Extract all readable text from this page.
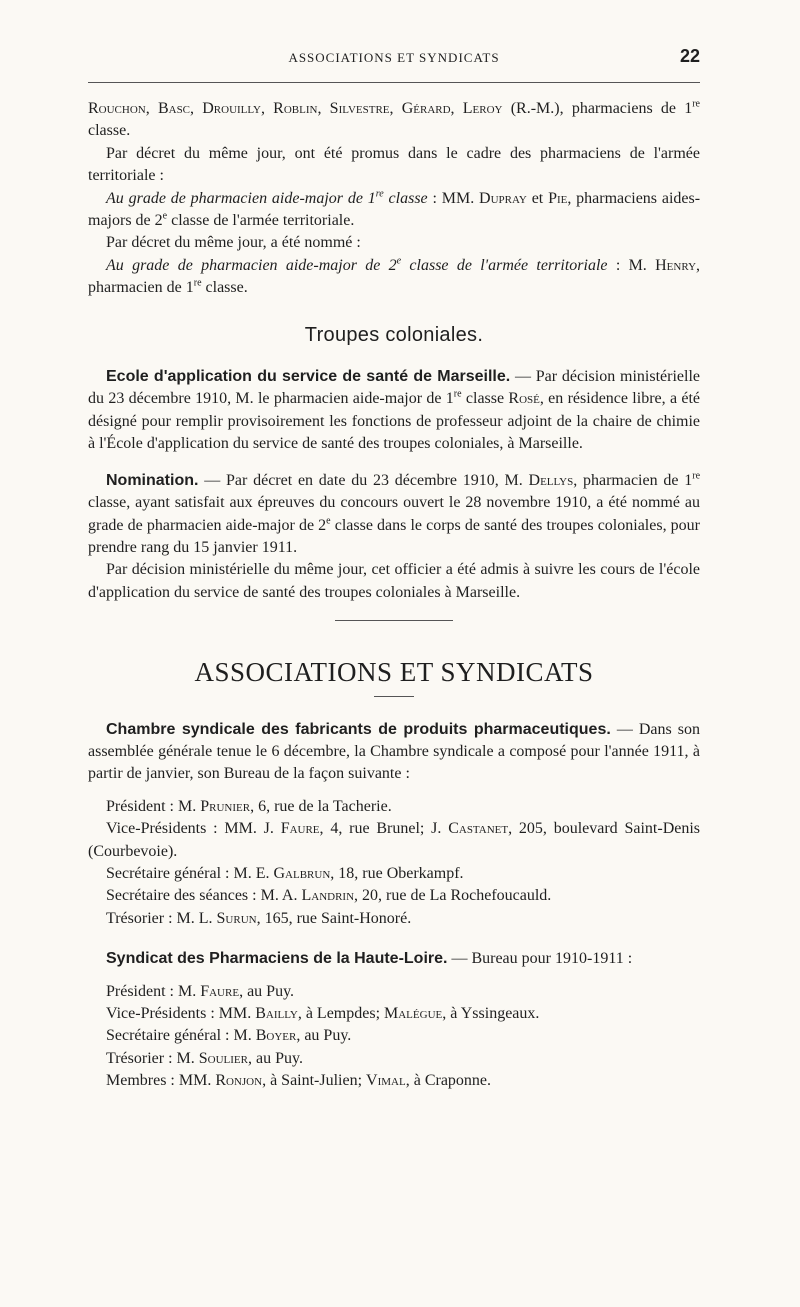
ASSOCIATIONS ET SYNDICATS	22

Rouchon, Basc, Drouilly, Roblin, Silvestre, Gérard, Leroy (R.-M.), pharmaciens de 1re classe.

Par décret du même jour, ont été promus dans le cadre des pharmaciens de l'armée territoriale :

Au grade de pharmacien aide-major de 1re classe : MM. Dupray et Pie, pharmaciens aides-majors de 2e classe de l'armée territoriale.

Par décret du même jour, a été nommé :

Au grade de pharmacien aide-major de 2e classe de l'armée territoriale : M. Henry, pharmacien de 1re classe.

Troupes coloniales.

Ecole d'application du service de santé de Marseille. — Par décision ministérielle du 23 décembre 1910, M. le pharmacien aide-major de 1re classe Rosé, en résidence libre, a été désigné pour remplir provisoirement les fonctions de professeur adjoint de la chaire de chimie à l'École d'application du service de santé des troupes coloniales, à Marseille.

Nomination. — Par décret en date du 23 décembre 1910, M. Dellys, pharmacien de 1re classe, ayant satisfait aux épreuves du concours ouvert le 28 novembre 1910, a été nommé au grade de pharmacien aide-major de 2e classe dans le corps de santé des troupes coloniales, pour prendre rang du 15 janvier 1911.

Par décision ministérielle du même jour, cet officier a été admis à suivre les cours de l'école d'application du service de santé des troupes coloniales à Marseille.

ASSOCIATIONS ET SYNDICATS

Chambre syndicale des fabricants de produits pharmaceutiques. — Dans son assemblée générale tenue le 6 décembre, la Chambre syndicale a composé pour l'année 1911, à partir de janvier, son Bureau de la façon suivante :

Président : M. Prunier, 6, rue de la Tacherie.

Vice-Présidents : MM. J. Faure, 4, rue Brunel; J. Castanet, 205, boulevard Saint-Denis (Courbevoie).

Secrétaire général : M. E. Galbrun, 18, rue Oberkampf.

Secrétaire des séances : M. A. Landrin, 20, rue de La Rochefoucauld.

Trésorier : M. L. Surun, 165, rue Saint-Honoré.

Syndicat des Pharmaciens de la Haute-Loire. — Bureau pour 1910-1911 :

Président : M. Faure, au Puy.

Vice-Présidents : MM. Bailly, à Lempdes; Malégue, à Yssingeaux.

Secrétaire général : M. Boyer, au Puy.

Trésorier : M. Soulier, au Puy.

Membres : MM. Ronjon, à Saint-Julien; Vimal, à Craponne.
